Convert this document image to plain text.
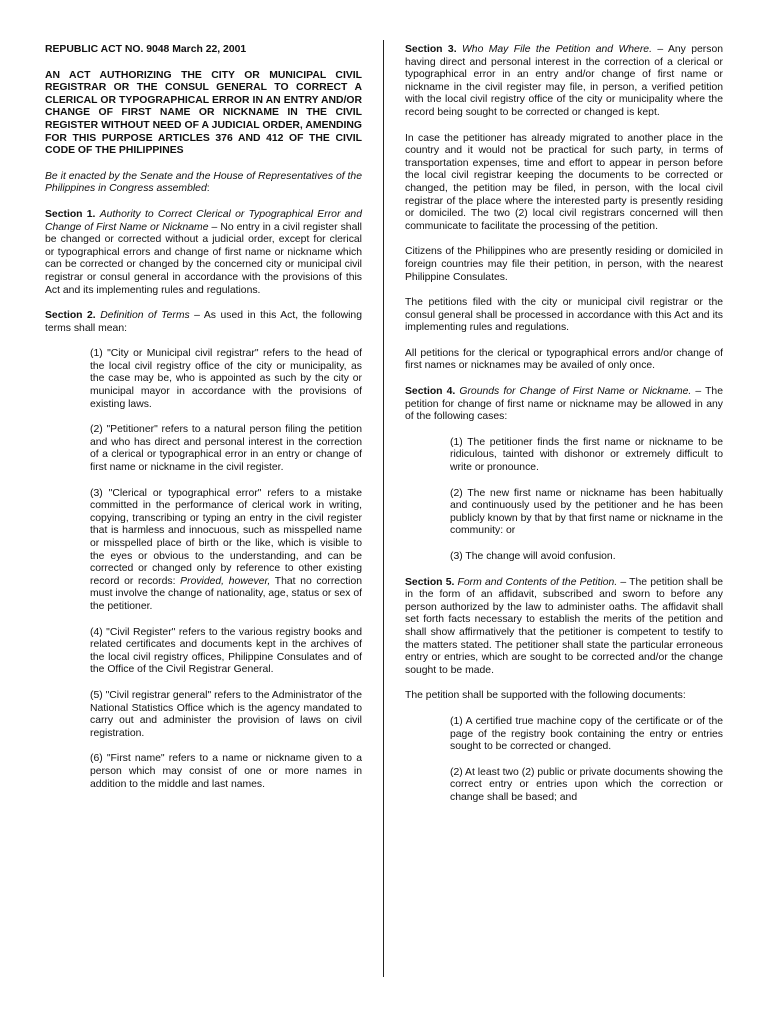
REPUBLIC ACT NO. 9048 March 22, 2001

AN ACT AUTHORIZING THE CITY OR MUNICIPAL CIVIL REGISTRAR OR THE CONSUL GENERAL TO CORRECT A CLERICAL OR TYPOGRAPHICAL ERROR IN AN ENTRY AND/OR CHANGE OF FIRST NAME OR NICKNAME IN THE CIVIL REGISTER WITHOUT NEED OF A JUDICIAL ORDER, AMENDING FOR THIS PURPOSE ARTICLES 376 AND 412 OF THE CIVIL CODE OF THE PHILIPPINES

Be it enacted by the Senate and the House of Representatives of the Philippines in Congress assembled:

Section 1. Authority to Correct Clerical or Typographical Error and Change of First Name or Nickname – No entry in a civil register shall be changed or corrected without a judicial order, except for clerical or typographical errors and change of first name or nickname which can be corrected or changed by the concerned city or municipal civil registrar or consul general in accordance with the provisions of this Act and its implementing rules and regulations.

Section 2. Definition of Terms – As used in this Act, the following terms shall mean:

(1) "City or Municipal civil registrar" refers to the head of the local civil registry office of the city or municipality, as the case may be, who is appointed as such by the city or municipal mayor in accordance with the provisions of existing laws.

(2) "Petitioner" refers to a natural person filing the petition and who has direct and personal interest in the correction of a clerical or typographical error in an entry or change of first name or nickname in the civil register.

(3) "Clerical or typographical error" refers to a mistake committed in the performance of clerical work in writing, copying, transcribing or typing an entry in the civil register that is harmless and innocuous, such as misspelled name or misspelled place of birth or the like, which is visible to the eyes or obvious to the understanding, and can be corrected or changed only by reference to other existing record or records: Provided, however, That no correction must involve the change of nationality, age, status or sex of the petitioner.

(4) "Civil Register" refers to the various registry books and related certificates and documents kept in the archives of the local civil registry offices, Philippine Consulates and of the Office of the Civil Registrar General.

(5) "Civil registrar general" refers to the Administrator of the National Statistics Office which is the agency mandated to carry out and administer the provision of laws on civil registration.

(6) "First name" refers to a name or nickname given to a person which may consist of one or more names in addition to the middle and last names.

Section 3. Who May File the Petition and Where. – Any person having direct and personal interest in the correction of a clerical or typographical error in an entry and/or change of first name or nickname in the civil register may file, in person, a verified petition with the local civil registry office of the city or municipality where the record being sought to be corrected or changed is kept.

In case the petitioner has already migrated to another place in the country and it would not be practical for such party, in terms of transportation expenses, time and effort to appear in person before the local civil registrar keeping the documents to be corrected or changed, the petition may be filed, in person, with the local civil registrar of the place where the interested party is presently residing or domiciled. The two (2) local civil registrars concerned will then communicate to facilitate the processing of the petition.

Citizens of the Philippines who are presently residing or domiciled in foreign countries may file their petition, in person, with the nearest Philippine Consulates.

The petitions filed with the city or municipal civil registrar or the consul general shall be processed in accordance with this Act and its implementing rules and regulations.

All petitions for the clerical or typographical errors and/or change of first names or nicknames may be availed of only once.

Section 4. Grounds for Change of First Name or Nickname. – The petition for change of first name or nickname may be allowed in any of the following cases:

(1) The petitioner finds the first name or nickname to be ridiculous, tainted with dishonor or extremely difficult to write or pronounce.

(2) The new first name or nickname has been habitually and continuously used by the petitioner and he has been publicly known by that by that first name or nickname in the community: or

(3) The change will avoid confusion.

Section 5. Form and Contents of the Petition. – The petition shall be in the form of an affidavit, subscribed and sworn to before any person authorized by the law to administer oaths. The affidavit shall set forth facts necessary to establish the merits of the petition and shall show affirmatively that the petitioner is competent to testify to the matters stated. The petitioner shall state the particular erroneous entry or entries, which are sought to be corrected and/or the change sought to be made.

The petition shall be supported with the following documents:

(1) A certified true machine copy of the certificate or of the page of the registry book containing the entry or entries sought to be corrected or changed.

(2) At least two (2) public or private documents showing the correct entry or entries upon which the correction or change shall be based; and
